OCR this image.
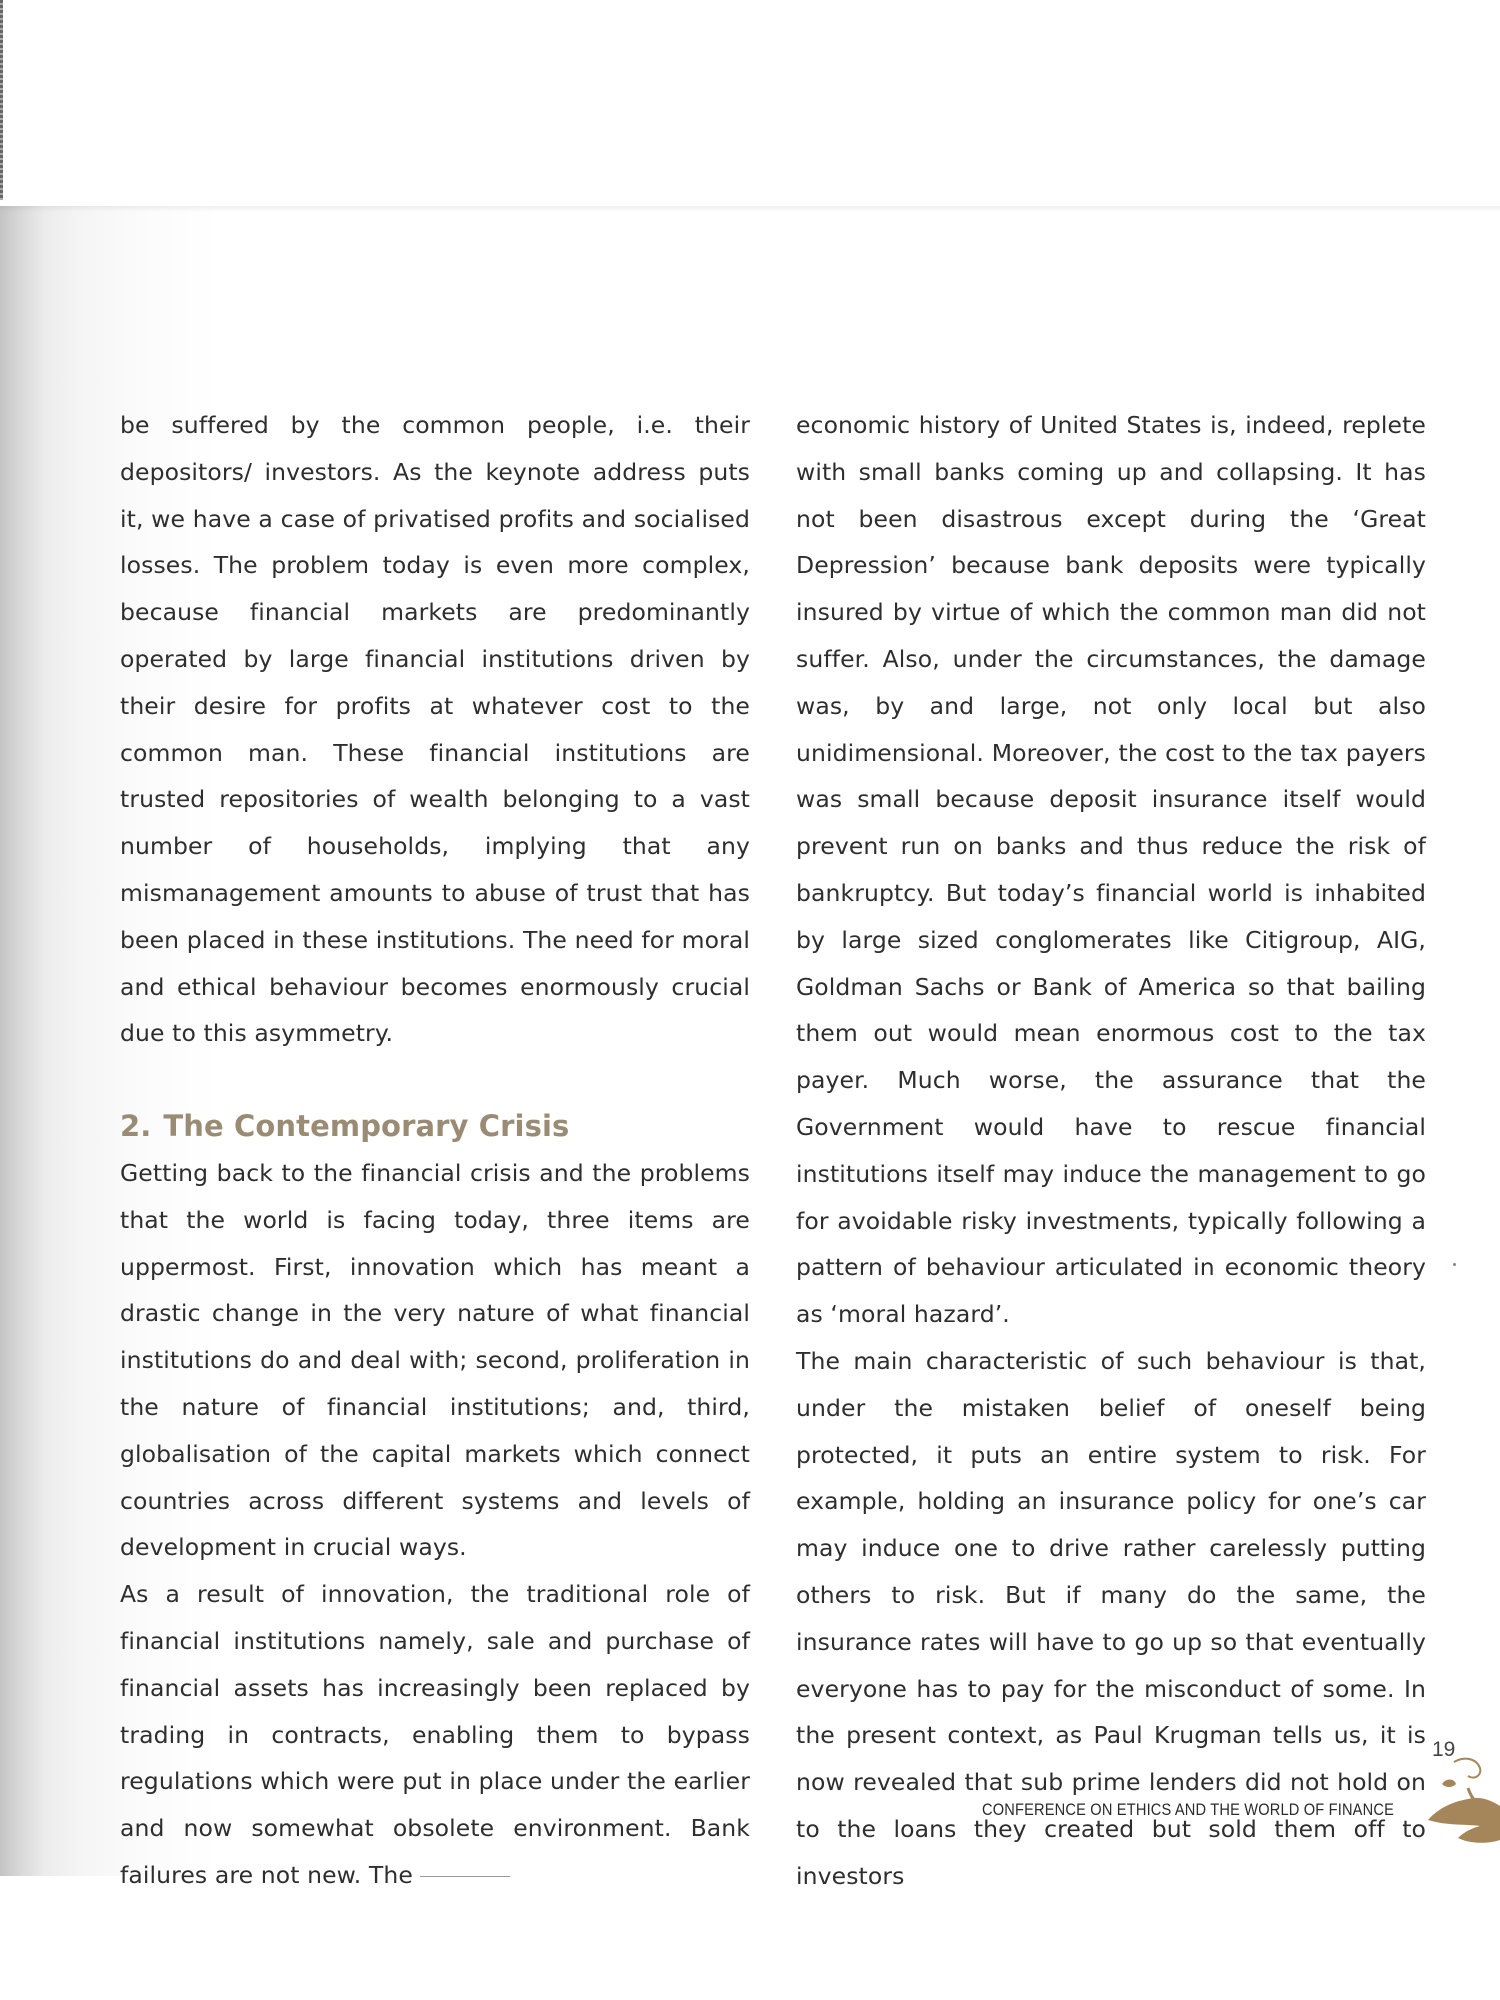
be suffered by the common people, i.e. their depositors/ investors. As the keynote address puts it, we have a case of privatised profits and socialised losses. The problem today is even more complex, because financial markets are predominantly operated by large financial institutions driven by their desire for profits at whatever cost to the common man. These financial institutions are trusted repositories of wealth belonging to a vast number of households, implying that any mismanagement amounts to abuse of trust that has been placed in these institutions. The need for moral and ethical behaviour becomes enormously crucial due to this asymmetry.

2. The Contemporary Crisis

Getting back to the financial crisis and the problems that the world is facing today, three items are uppermost. First, innovation which has meant a drastic change in the very nature of what financial institutions do and deal with; second, proliferation in the nature of financial institutions; and, third, globalisation of the capital markets which connect countries across different systems and levels of development in crucial ways.

As a result of innovation, the traditional role of financial institutions namely, sale and purchase of financial assets has increasingly been replaced by trading in contracts, enabling them to bypass regulations which were put in place under the earlier and now somewhat obsolete environment. Bank failures are not new. The

economic history of United States is, indeed, replete with small banks coming up and collapsing. It has not been disastrous except during the ‘Great Depression’ because bank deposits were typically insured by virtue of which the common man did not suffer. Also, under the circumstances, the damage was, by and large, not only local but also unidimensional. Moreover, the cost to the tax payers was small because deposit insurance itself would prevent run on banks and thus reduce the risk of bankruptcy. But today’s financial world is inhabited by large sized conglomerates like Citigroup, AIG, Goldman Sachs or Bank of America so that bailing them out would mean enormous cost to the tax payer. Much worse, the assurance that the Government would have to rescue financial institutions itself may induce the management to go for avoidable risky investments, typically following a pattern of behaviour articulated in economic theory as ‘moral hazard’.

The main characteristic of such behaviour is that, under the mistaken belief of oneself being protected, it puts an entire system to risk. For example, holding an insurance policy for one’s car may induce one to drive rather carelessly putting others to risk. But if many do the same, the insurance rates will have to go up so that eventually everyone has to pay for the misconduct of some. In the present context, as Paul Krugman tells us, it is now revealed that sub prime lenders did not hold on to the loans they created but sold them off to investors

19
CONFERENCE ON ETHICS AND THE WORLD OF FINANCE
